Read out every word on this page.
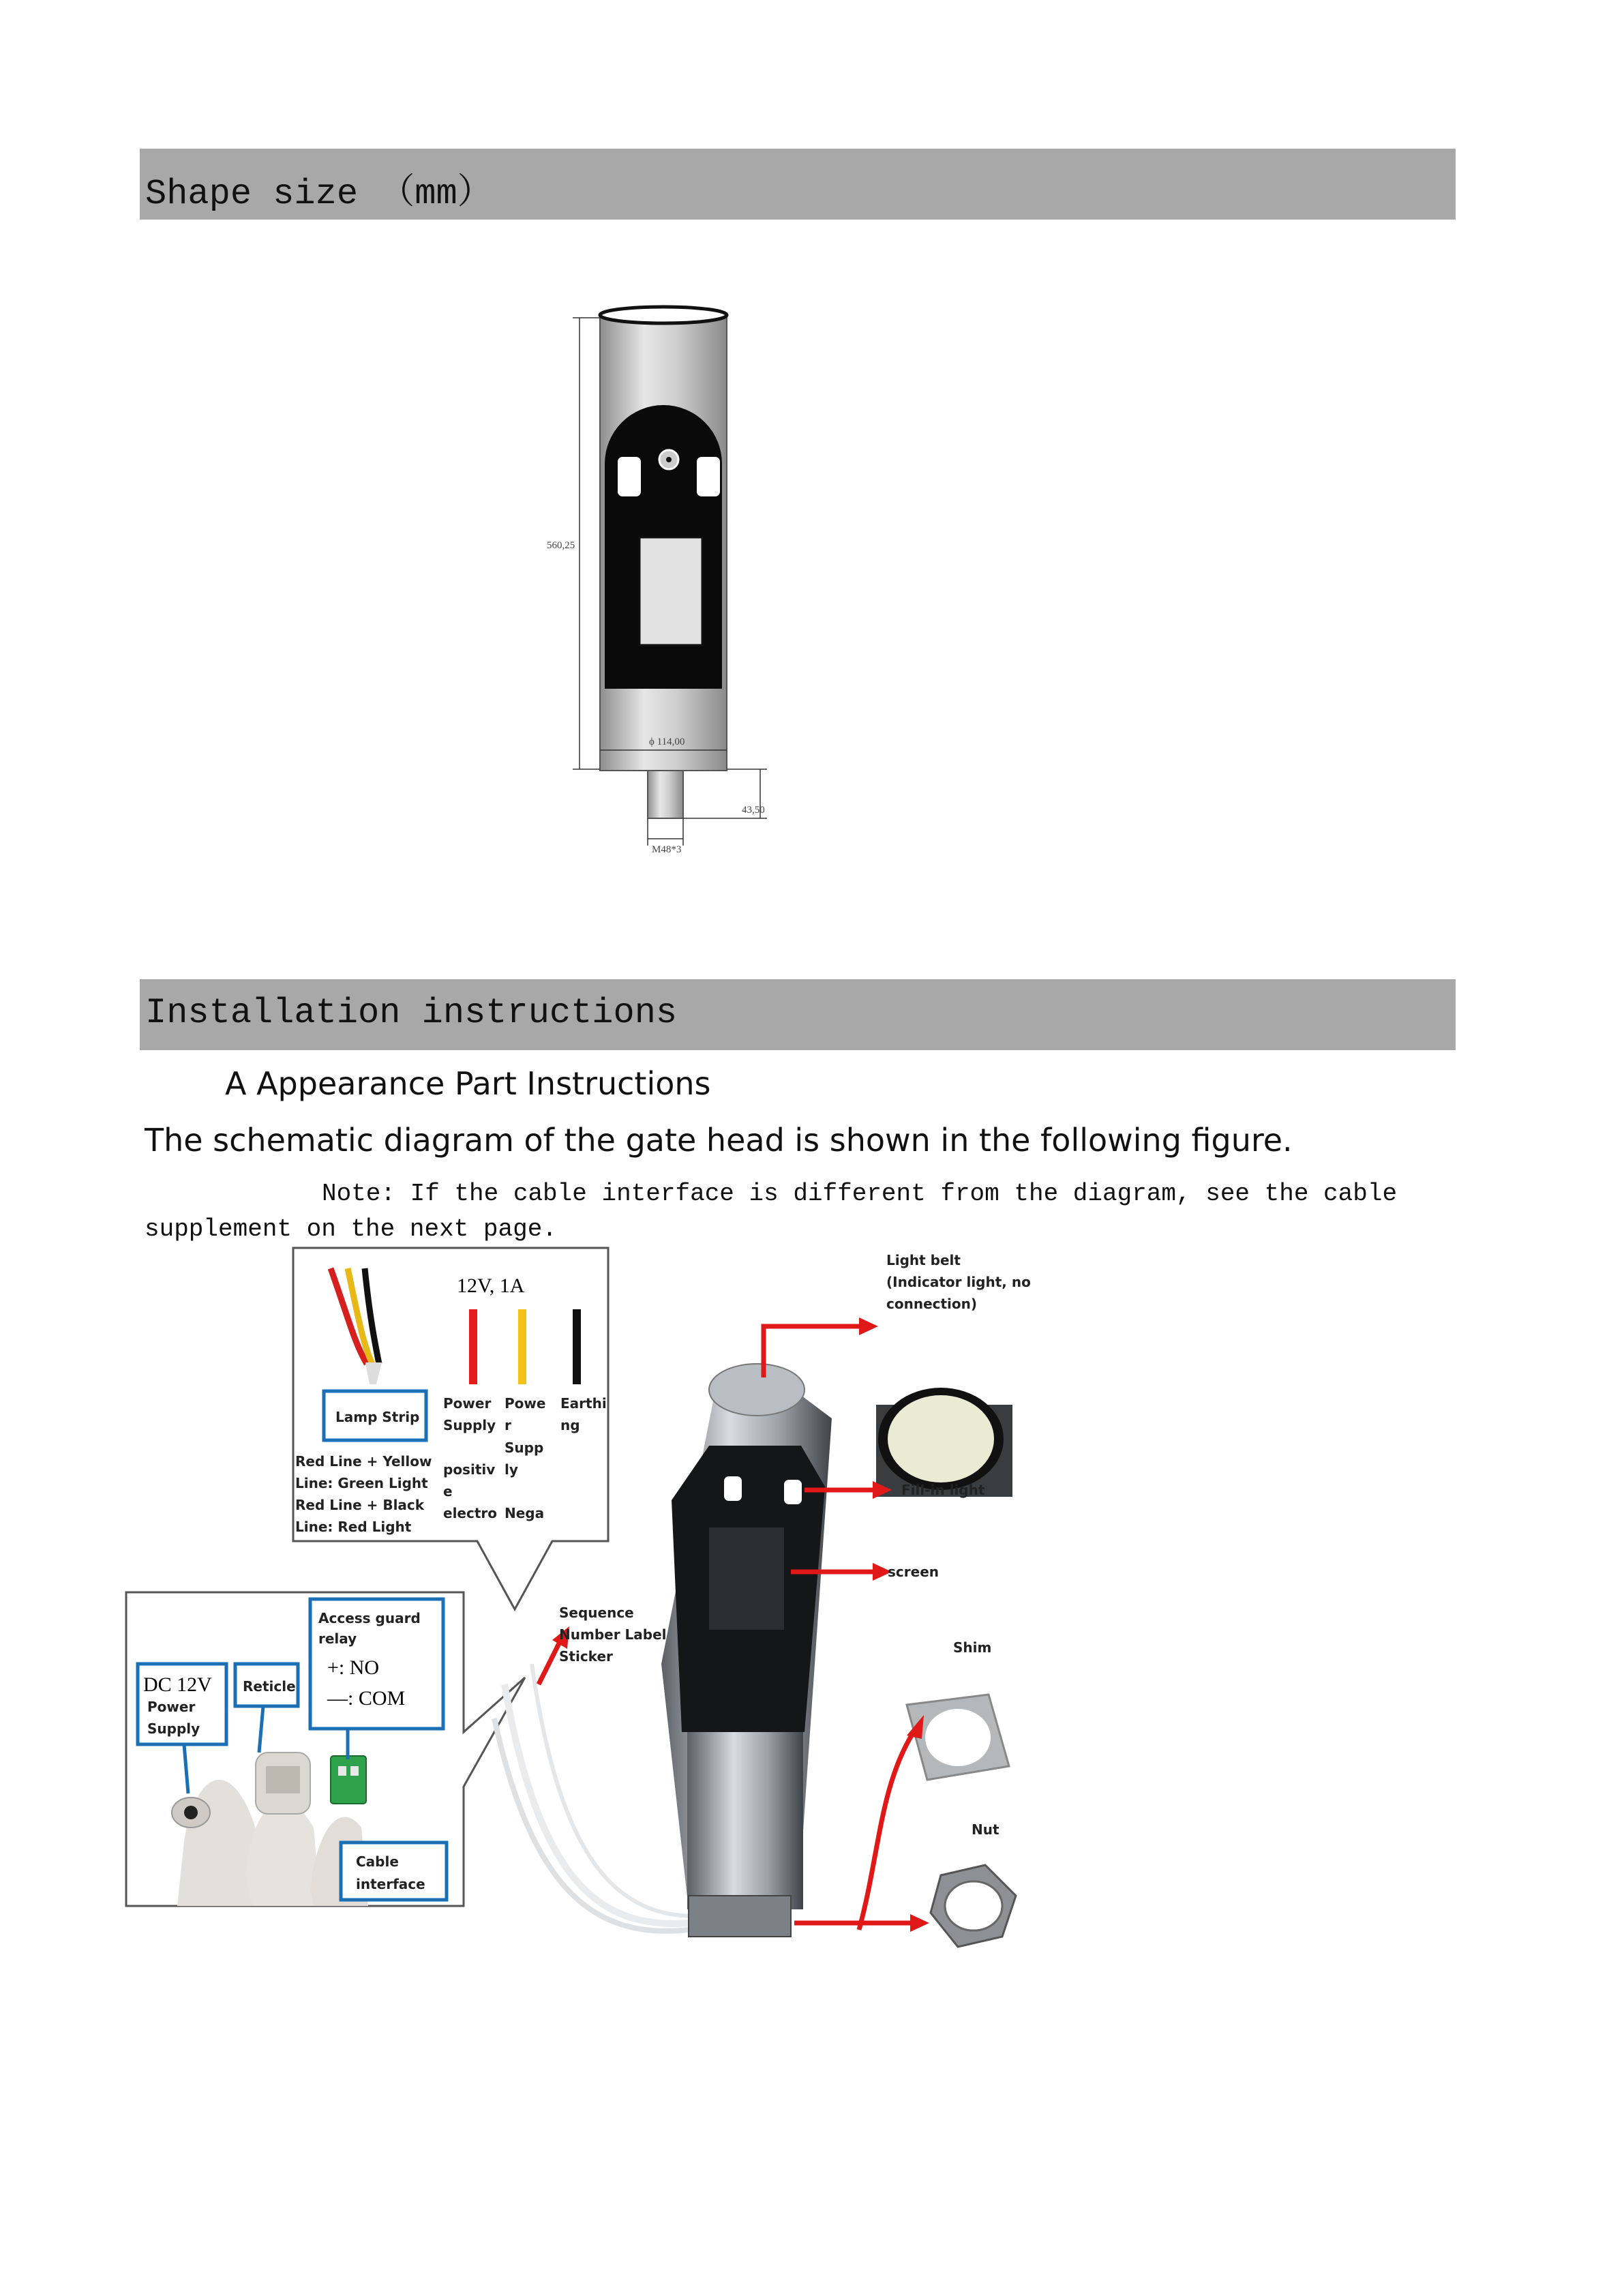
Shape size （mm）
560,25
ϕ 114,00
43,50
M48*3
Installation instructions
A Appearance Part Instructions
The schematic diagram of the gate head is shown in the following figure.
Note: If the cable interface is different from the diagram, see the cable
supplement on the next page.
12V, 1A
Lamp Strip
Power
Supply
positiv
e
electro
Powe
r
Supp
ly
Nega
Earthi
ng
Red Line + Yellow
Line: Green Light
Red Line + Black
Line: Red Light
DC 12V
Power
Supply
Reticle
Access guard
relay
+: NO
—: COM
Cable
interface
Light belt
(Indicator light, no
connection)
Fill-in light
screen
Sequence
Number Label
Sticker
Shim
Nut
